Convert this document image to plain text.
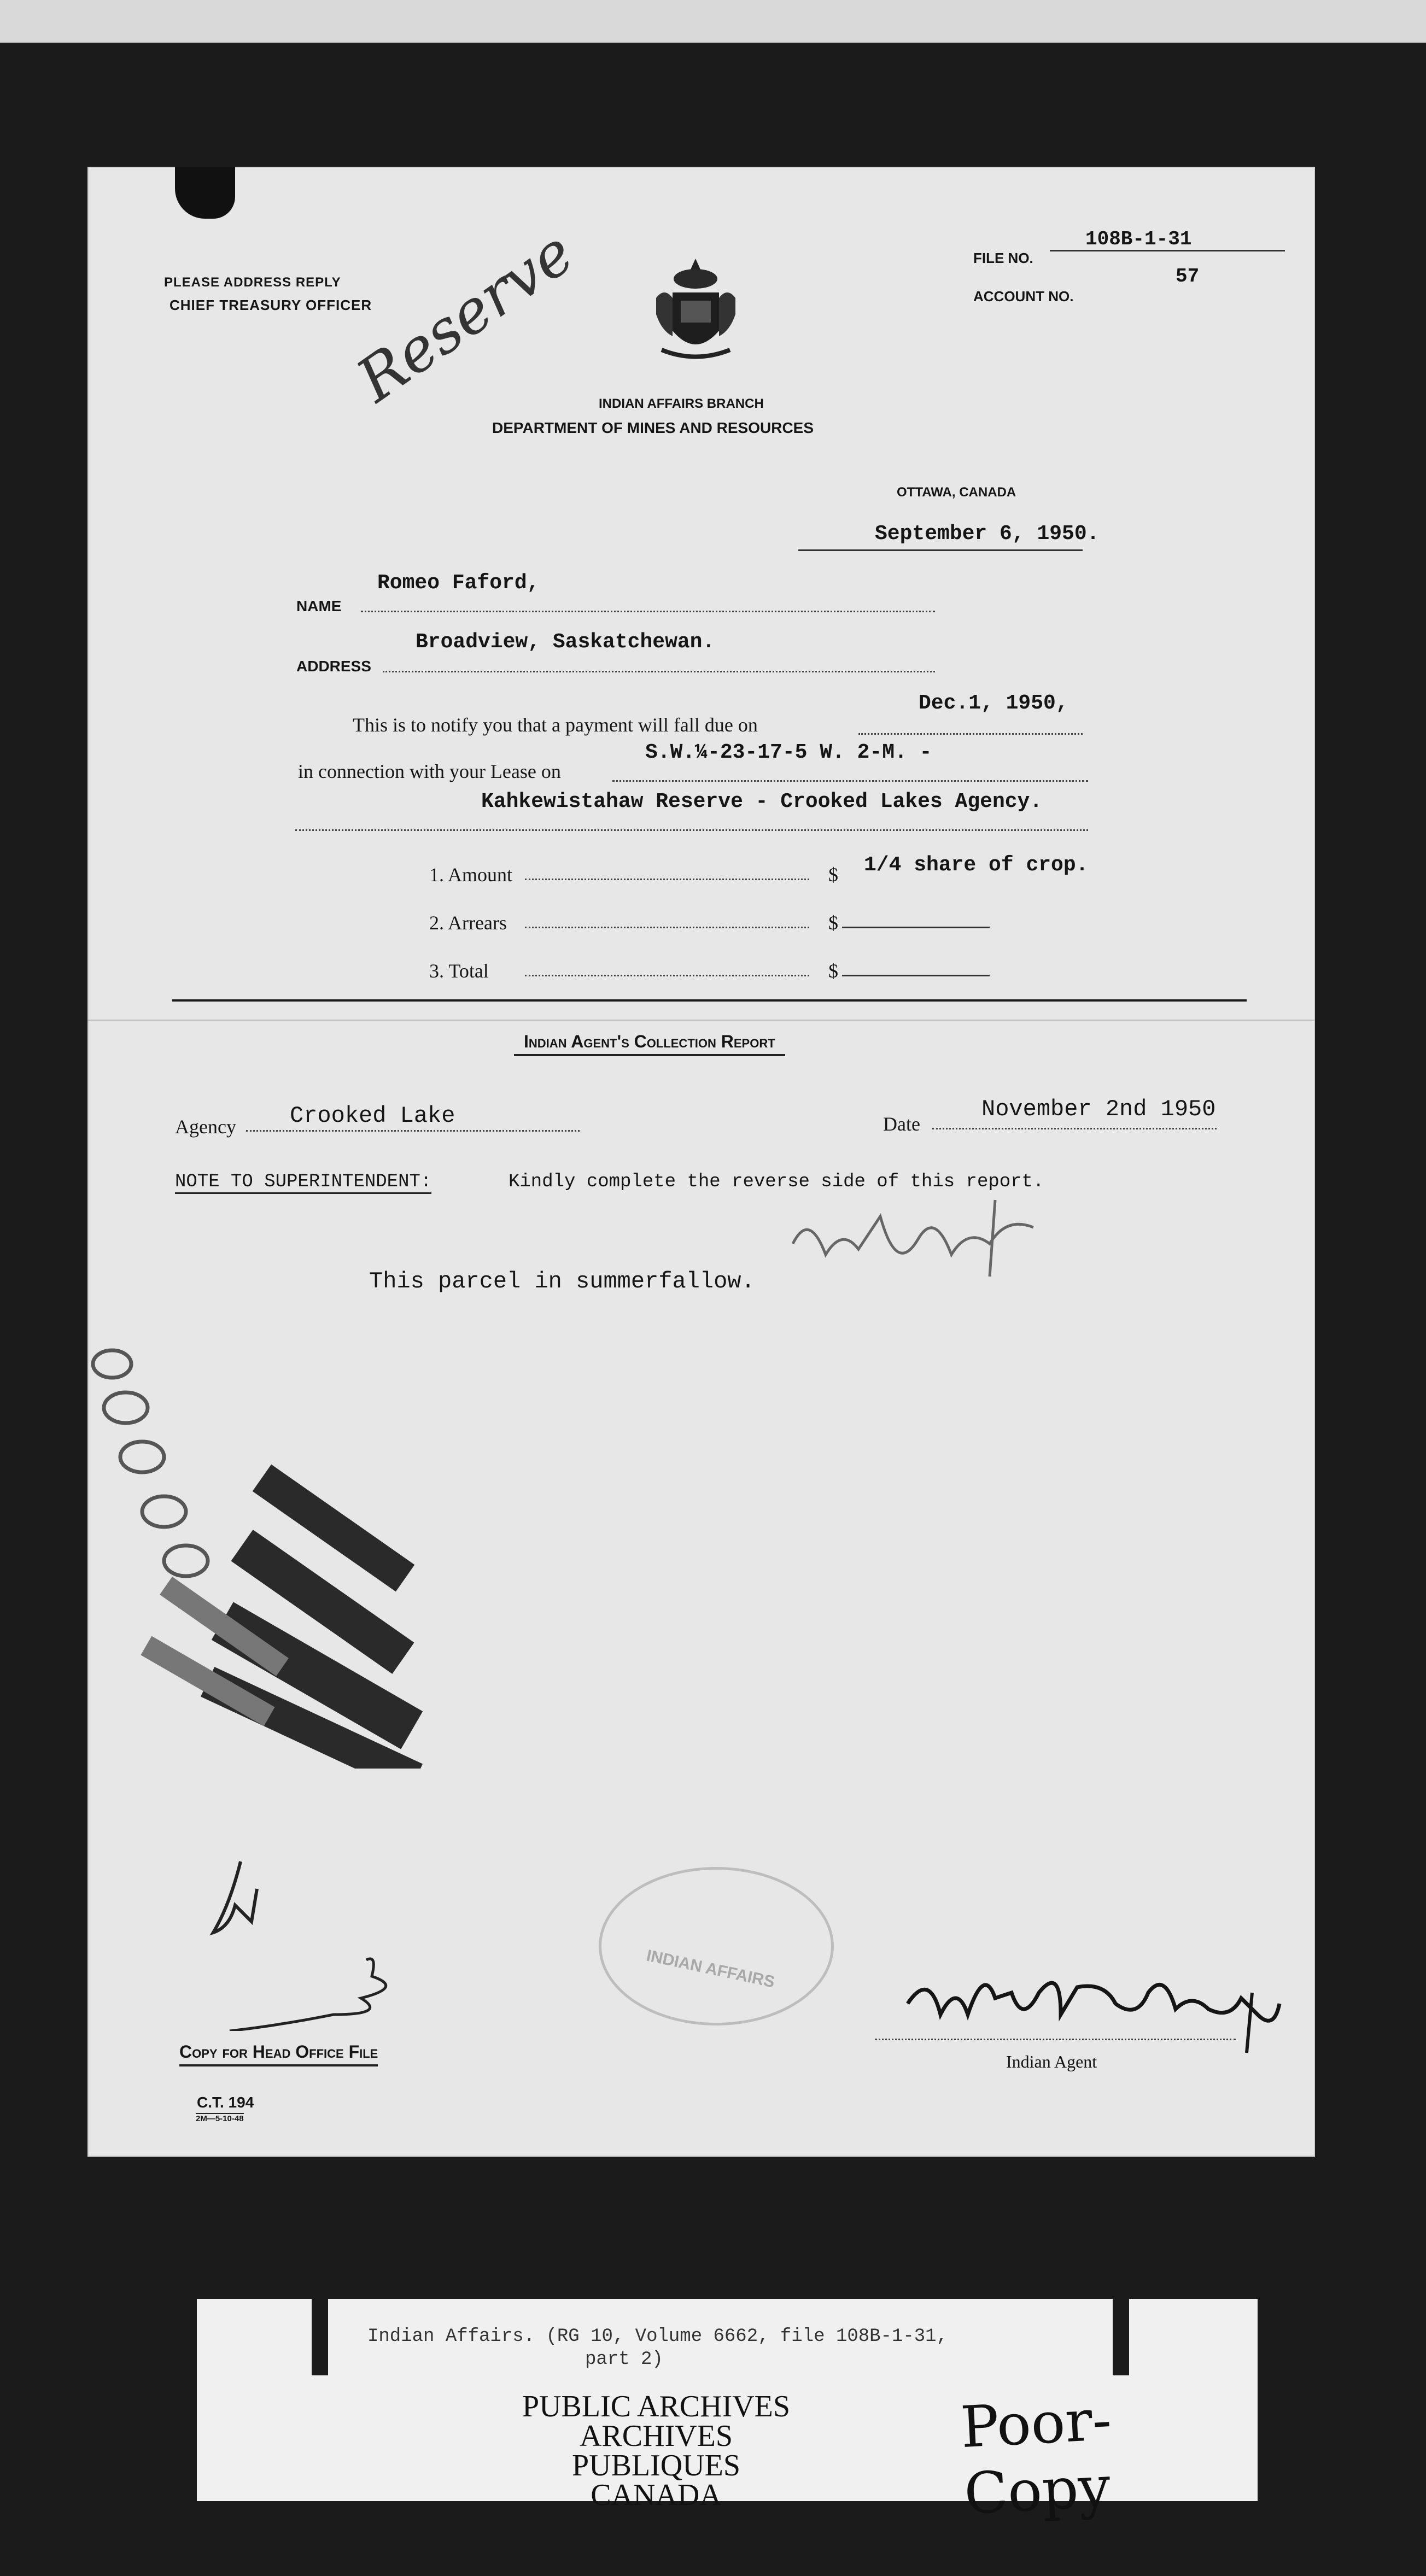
PLEASE ADDRESS REPLY
CHIEF TREASURY OFFICER
FILE NO.
108B-1-31
ACCOUNT NO.
57
Reserve INDIAN AFFAIRS BRANCH
DEPARTMENT OF MINES AND RESOURCES
OTTAWA, CANADA
September 6, 1950.
Romeo Faford,
NAME
Broadview, Saskatchewan.
ADDRESS
This is to notify you that a payment will fall due on
Dec.1, 1950,
in connection with your Lease on
S.W.¼-23-17-5 W. 2-M. -
Kahkewistahaw Reserve - Crooked Lakes Agency.
1. Amount	$ 1/4 share of crop.
2. Arrears	$
3. Total	$
Indian Agent's Collection Report
Agency Crooked Lake	Date
November 2nd 1950
NOTE TO SUPERINTENDENT:	Kindly complete the reverse side of this report.
This parcel in summerfallow.
INDIAN AFFAIRS
Indian Agent
Copy for Head Office File
C.T. 194
2M—5-10-48
Indian Affairs. (RG 10, Volume 6662, file 108B-1-31,
part 2)
PUBLIC ARCHIVES
ARCHIVES PUBLIQUES
CANADA
Poor-Copy
